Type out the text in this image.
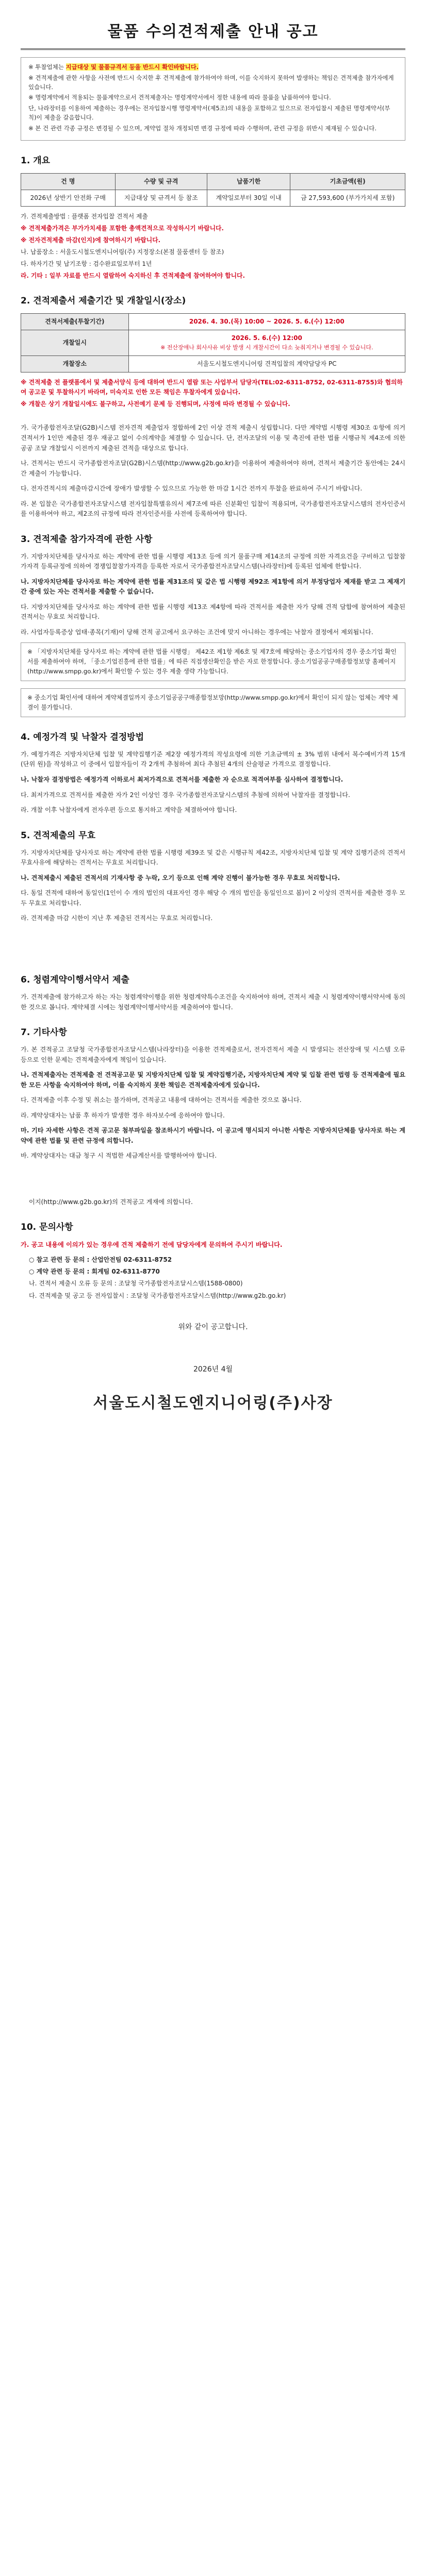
물품 수의견적제출 안내 공고

※ 투찰업체는 지급대상 및 물품규격서 등을 반드시 확인바랍니다.

※ 견적제출에 관한 사항을 사전에 반드시 숙지한 후 견적제출에 참가하여야 하며, 이를 숙지하지 못하여 발생하는 책임은 견적제출 참가자에게 있습니다.

※ 명령계약에서 적용되는 물품계약으로서 견적제출자는 명령계약서에서 정한 내용에 따라 물품을 납품하여야 합니다.

단, 나라장터를 이용하여 제출하는 경우에는 전자입찰시행 명령계약서(제5조)의 내용을 포함하고 있으므로 전자입찰시 제출된 명령계약서(부칙)이 제출을 갈음합니다.

※ 본 건 관련 각종 규정은 변경될 수 있으며, 계약업 절차 개정되면 변경 규정에 따라 수행하며, 관련 규정을 위반시 제재될 수 있습니다.

1. 개요
건 명	수량 및 규격	납품기한	기초금액(원)
2026년 상반기 안전화 구매	지급대상 및 규격서 등 참조	계약일로부터 30일 이내	금 27,593,600 (부가가치세 포함)

가. 견적제출방법 : 플랫폼 전자입찰 견적서 제출

※ 견적제출가격은 부가가치세를 포함한 총액견적으로 작성하시기 바랍니다.

※ 전자견적제출 마감(인지)에 참여하시기 바랍니다.

나. 납품장소 : 서울도시철도엔지니어링(주) 지정장소(본점 물품센터 등 참조)

다. 하자기간 및 납기조항 : 검수완료일로부터 1년

라. 기타 : 일부 자료를 반드시 열람하여 숙지하신 후 견적제출에 참여하여야 합니다.

2. 견적제출서 제출기간 및 개찰일시(장소)
견적서제출(투찰기간)	2026. 4. 30.(목) 10:00 ~ 2026. 5. 6.(수) 12:00
개찰일시	2026. 5. 6.(수) 12:00
※ 전산장애나 회사사유 비상 발생 시 개찰시간이 다소 늦춰지거나 변경될 수 있습니다.

개찰장소	서울도시철도엔지니어링 견적입찰의 계약담당자 PC

※ 견적제출 전 플랫폼에서 및 제출서양식 등에 대하여 반드시 열람 또는 사업부서 담당자(TEL:02-6311-8752, 02-6311-8755)와 협의하여 공고문 및 투찰하시기 바라며, 미숙지로 인한 모든 책임은 투찰자에게 있습니다.

※ 개찰은 상기 개찰일시에도 불구하고, 사전예기 문제 등 진행되며, 사정에 따라 변경될 수 있습니다.

가. 국가종합전자조달(G2B)시스템 전자견적 제출업자 정합하에 2인 이상 견적 제출시 성립합니다. 다만 계약법 시행령 제30조 ①항에 의거 견적서가 1인만 제출된 경우 재공고 없이 수의계약을 체결할 수 있습니다. 단, 전자조달의 이용 및 촉진에 관한 법률 시행규칙 제4조에 의한 공공 조달 개찰일시 이전까지 제출된 견적을 대상으로 합니다.

나. 견적서는 반드시 국가종합전자조달(G2B)시스템(http://www.g2b.go.kr)을 이용하여 제출하여야 하며, 견적서 제출기간 동안에는 24시간 제출이 가능합니다.

다. 전자견적시의 제출마감시간에 장애가 발생할 수 있으므로 가능한 한 마감 1시간 전까지 투찰을 완료하여 주시기 바랍니다.

라. 본 입찰은 국가종합전자조달시스템 전자입찰특별유의서 제7조에 따른 신분확인 입찰이 적용되며, 국가종합전자조달시스템의 전자인증서를 이용하여야 하고, 제2조의 규정에 따라 전자인증서를 사전에 등록하여야 합니다.

3. 견적제출 참가자격에 관한 사항

가. 지방자치단체를 당사자로 하는 계약에 관한 법률 시행령 제13조 등에 의거 물품구매 제14조의 규정에 의한 자격요건을 구비하고 입찰참가자격 등록규정에 의하여 경쟁입찰참가자격을 등록한 자로서 국가종합전자조달시스템(나라장터)에 등록된 업체에 한합니다.

나. 지방자치단체를 당사자로 하는 계약에 관한 법률 제31조의 및 같은 법 시행령 제92조 제1항에 의거 부정당업자 제재를 받고 그 제재기간 중에 있는 자는 견적서를 제출할 수 없습니다.

다. 지방자치단체를 당사자로 하는 계약에 관한 법률 시행령 제13조 제4항에 따라 견적서를 제출한 자가 당해 견적 담합에 참여하여 제출된 견적서는 무효로 처리합니다.

라. 사업자등록증상 업태·종목(기재)이 당해 견적 공고에서 요구하는 조건에 맞지 아니하는 경우에는 낙찰자 결정에서 제외됩니다.

※ 「지방자치단체를 당사자로 하는 계약에 관한 법률 시행령」 제42조 제1항 제6호 및 제7호에 해당하는 중소기업자의 경우 중소기업 확인서를 제출하여야 하며, 「중소기업진흥에 관한 법률」에 따른 직접생산확인을 받은 자로 한정합니다. 중소기업공공구매종합정보망 홈페이지(http://www.smpp.go.kr)에서 확인할 수 있는 경우 제출 생략 가능합니다.
※ 중소기업 확인서에 대하여 계약체결일까지 중소기업공공구매종합정보망(http://www.smpp.go.kr)에서 확인이 되지 않는 업체는 계약 체결이 불가합니다.
4. 예정가격 및 낙찰자 결정방법

가. 예정가격은 지방자치단체 입찰 및 계약집행기준 제2장 예정가격의 작성요령에 의한 기초금액의 ± 3% 범위 내에서 복수예비가격 15개(단위 원)을 작성하고 이 중에서 입찰자들이 각 2개씩 추첨하여 최다 추첨된 4개의 산술평균 가격으로 결정합니다.

나. 낙찰자 결정방법은 예정가격 이하로서 최저가격으로 견적서를 제출한 자 순으로 적격여부를 심사하여 결정합니다.

다. 최저가격으로 견적서를 제출한 자가 2인 이상인 경우 국가종합전자조달시스템의 추첨에 의하여 낙찰자를 결정합니다.

라. 개찰 이후 낙찰자에게 전자우편 등으로 통지하고 계약을 체결하여야 합니다.

5. 견적제출의 무효

가. 지방자치단체를 당사자로 하는 계약에 관한 법률 시행령 제39조 및 같은 시행규칙 제42조, 지방자치단체 입찰 및 계약 집행기준의 견적서 무효사유에 해당하는 견적서는 무효로 처리합니다.

나. 견적제출시 제출된 견적서의 기재사항 중 누락, 오기 등으로 인해 계약 진행이 불가능한 경우 무효로 처리합니다.

다. 동일 견적에 대하여 동일인(1인이 수 개의 법인의 대표자인 경우 해당 수 개의 법인을 동일인으로 봄)이 2 이상의 견적서를 제출한 경우 모두 무효로 처리합니다.

라. 견적제출 마감 시한이 지난 후 제출된 견적서는 무효로 처리합니다.

6. 청렴계약이행서약서 제출

가. 견적제출에 참가하고자 하는 자는 청렴계약이행을 위한 청렴계약특수조건을 숙지하여야 하며, 견적서 제출 시 청렴계약이행서약서에 동의한 것으로 봅니다. 계약체결 시에는 청렴계약이행서약서를 제출하여야 합니다.

7. 기타사항

가. 본 견적공고 조달청 국가종합전자조달시스템(나라장터)을 이용한 견적제출로서, 전자견적서 제출 시 발생되는 전산장애 및 시스템 오류 등으로 인한 문제는 견적제출자에게 책임이 있습니다.

나. 견적제출자는 견적제출 전 견적공고문 및 지방자치단체 입찰 및 계약집행기준, 지방자치단체 계약 및 입찰 관련 법령 등 견적제출에 필요한 모든 사항을 숙지하여야 하며, 이를 숙지하지 못한 책임은 견적제출자에게 있습니다.

다. 견적제출 이후 수정 및 취소는 불가하며, 견적공고 내용에 대하여는 견적서를 제출한 것으로 봅니다.

라. 계약상대자는 납품 후 하자가 발생한 경우 하자보수에 응하여야 합니다.

마. 기타 자세한 사항은 견적 공고문 첨부파일을 참조하시기 바랍니다. 이 공고에 명시되지 아니한 사항은 지방자치단체를 당사자로 하는 계약에 관한 법률 및 관련 규정에 의합니다.

바. 계약상대자는 대금 청구 시 적법한 세금계산서를 발행하여야 합니다.

이지(http://www.g2b.go.kr)의 견적공고 게재에 의합니다.

10. 문의사항

가. 공고 내용에 이의가 있는 경우에 견적 제출하기 전에 담당자에게 문의하여 주시기 바랍니다.

○ 참고 관련 등 문의 : 산업안전팀 02-6311-8752

○ 계약 관련 등 문의 : 회계팀 02-6311-8770

나. 견적서 제출시 오류 등 문의 : 조달청 국가종합전자조달시스템(1588-0800)

다. 견적제출 및 공고 등 전자입찰시 : 조달청 국가종합전자조달시스템(http://www.g2b.go.kr)

위와 같이 공고합니다.
2026년 4월
서울도시철도엔지니어링(주)사장
